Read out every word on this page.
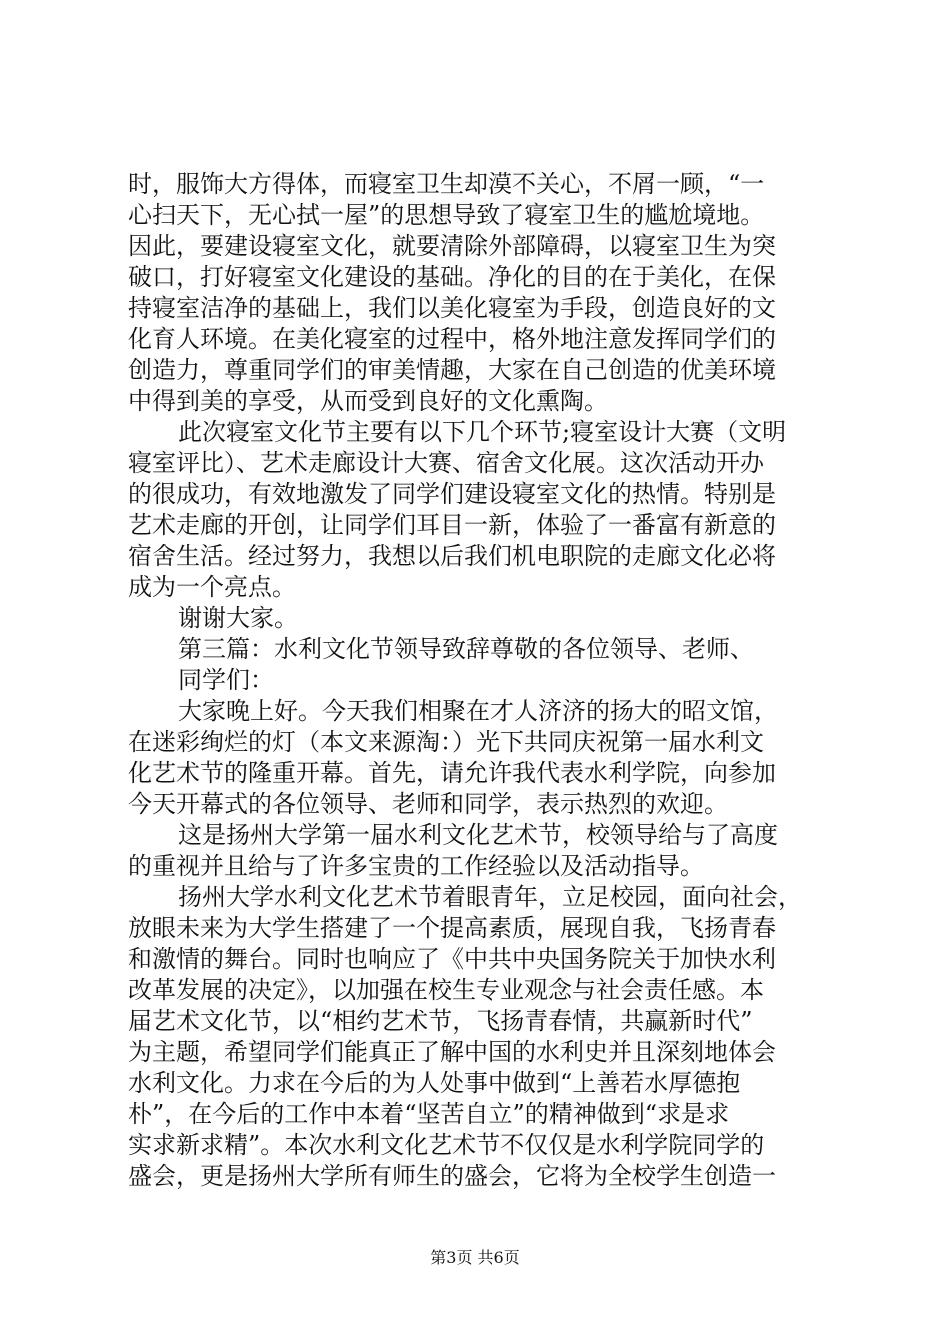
时，服饰大方得体，而寝室卫生却漠不关心，不屑一顾，“一
心扫天下，无心拭一屋”的思想导致了寝室卫生的尴尬境地。
因此，要建设寝室文化，就要清除外部障碍，以寝室卫生为突
破口，打好寝室文化建设的基础。净化的目的在于美化，在保
持寝室洁净的基础上，我们以美化寝室为手段，创造良好的文
化育人环境。在美化寝室的过程中，格外地注意发挥同学们的
创造力，尊重同学们的审美情趣，大家在自己创造的优美环境
中得到美的享受，从而受到良好的文化熏陶。
此次寝室文化节主要有以下几个环节;寝室设计大赛（文明
寝室评比）、艺术走廊设计大赛、宿舍文化展。这次活动开办
的很成功，有效地激发了同学们建设寝室文化的热情。特别是
艺术走廊的开创，让同学们耳目一新，体验了一番富有新意的
宿舍生活。经过努力，我想以后我们机电职院的走廊文化必将
成为一个亮点。
谢谢大家。
第三篇：水利文化节领导致辞尊敬的各位领导、老师、
同学们：
大家晚上好。今天我们相聚在才人济济的扬大的昭文馆，
在迷彩绚烂的灯（本文来源淘：）光下共同庆祝第一届水利文
化艺术节的隆重开幕。首先，请允许我代表水利学院，向参加
今天开幕式的各位领导、老师和同学，表示热烈的欢迎。
这是扬州大学第一届水利文化艺术节，校领导给与了高度
的重视并且给与了许多宝贵的工作经验以及活动指导。
扬州大学水利文化艺术节着眼青年，立足校园，面向社会，
放眼未来为大学生搭建了一个提高素质，展现自我，飞扬青春
和激情的舞台。同时也响应了《中共中央国务院关于加快水利
改革发展的决定》，以加强在校生专业观念与社会责任感。本
届艺术文化节，以“相约艺术节，飞扬青春情，共赢新时代”
为主题，希望同学们能真正了解中国的水利史并且深刻地体会
水利文化。力求在今后的为人处事中做到“上善若水厚德抱
朴”，在今后的工作中本着“坚苦自立”的精神做到“求是求
实求新求精”。本次水利文化艺术节不仅仅是水利学院同学的
盛会，更是扬州大学所有师生的盛会，它将为全校学生创造一
第3页 共6页
